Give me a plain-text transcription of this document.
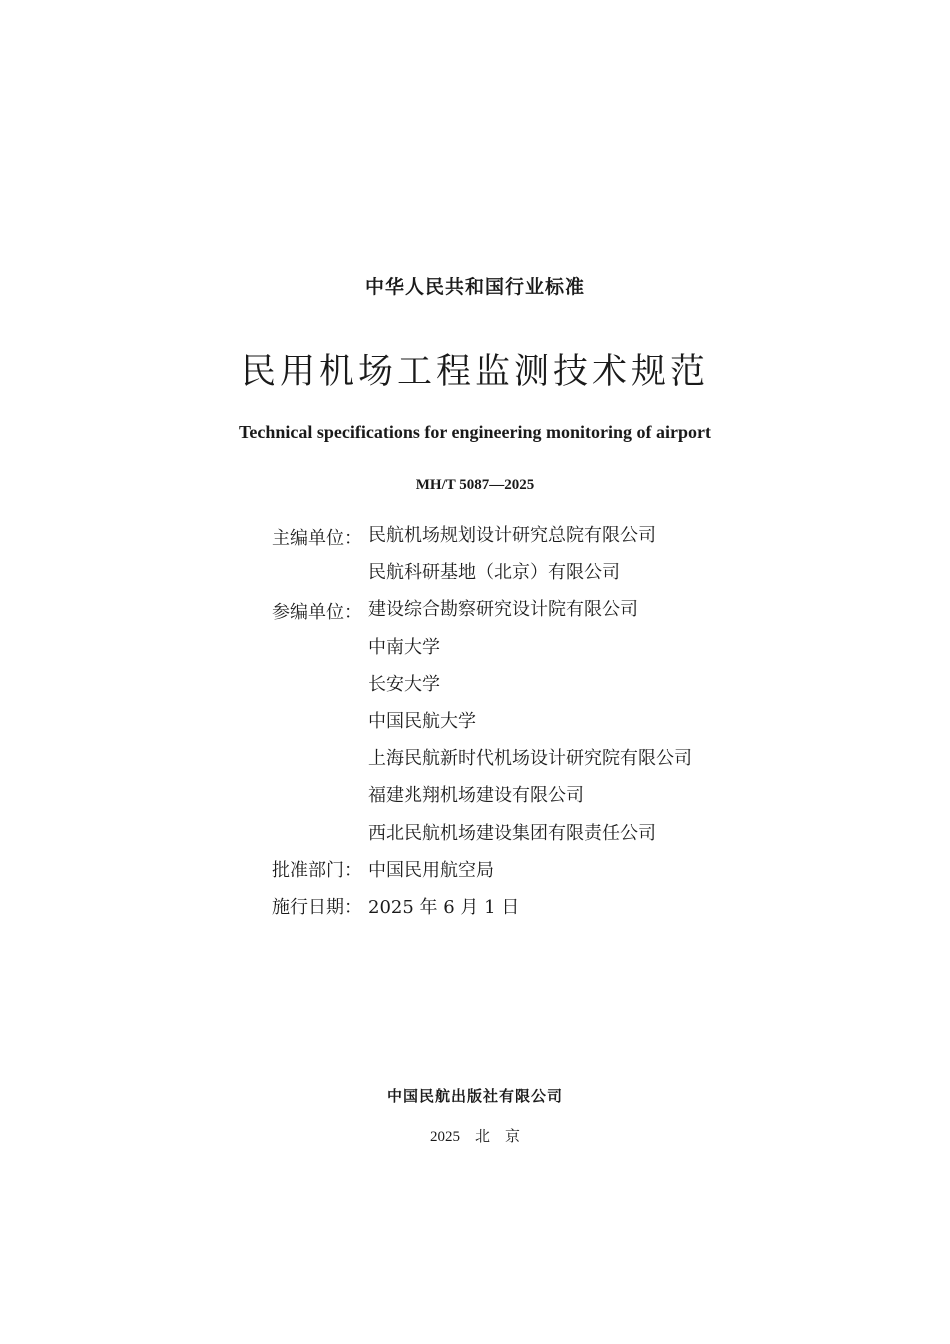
中华人民共和国行业标准
民用机场工程监测技术规范
Technical specifications for engineering monitoring of airport
MH/T 5087—2025
主编单位： 民航机场规划设计研究总院有限公司
民航科研基地（北京）有限公司
参编单位： 建设综合勘察研究设计院有限公司
中南大学
长安大学
中国民航大学
上海民航新时代机场设计研究院有限公司
福建兆翔机场建设有限公司
西北民航机场建设集团有限责任公司
批准部门： 中国民用航空局
施行日期： 2025 年 6 月 1 日
中国民航出版社有限公司
2025　北　京
